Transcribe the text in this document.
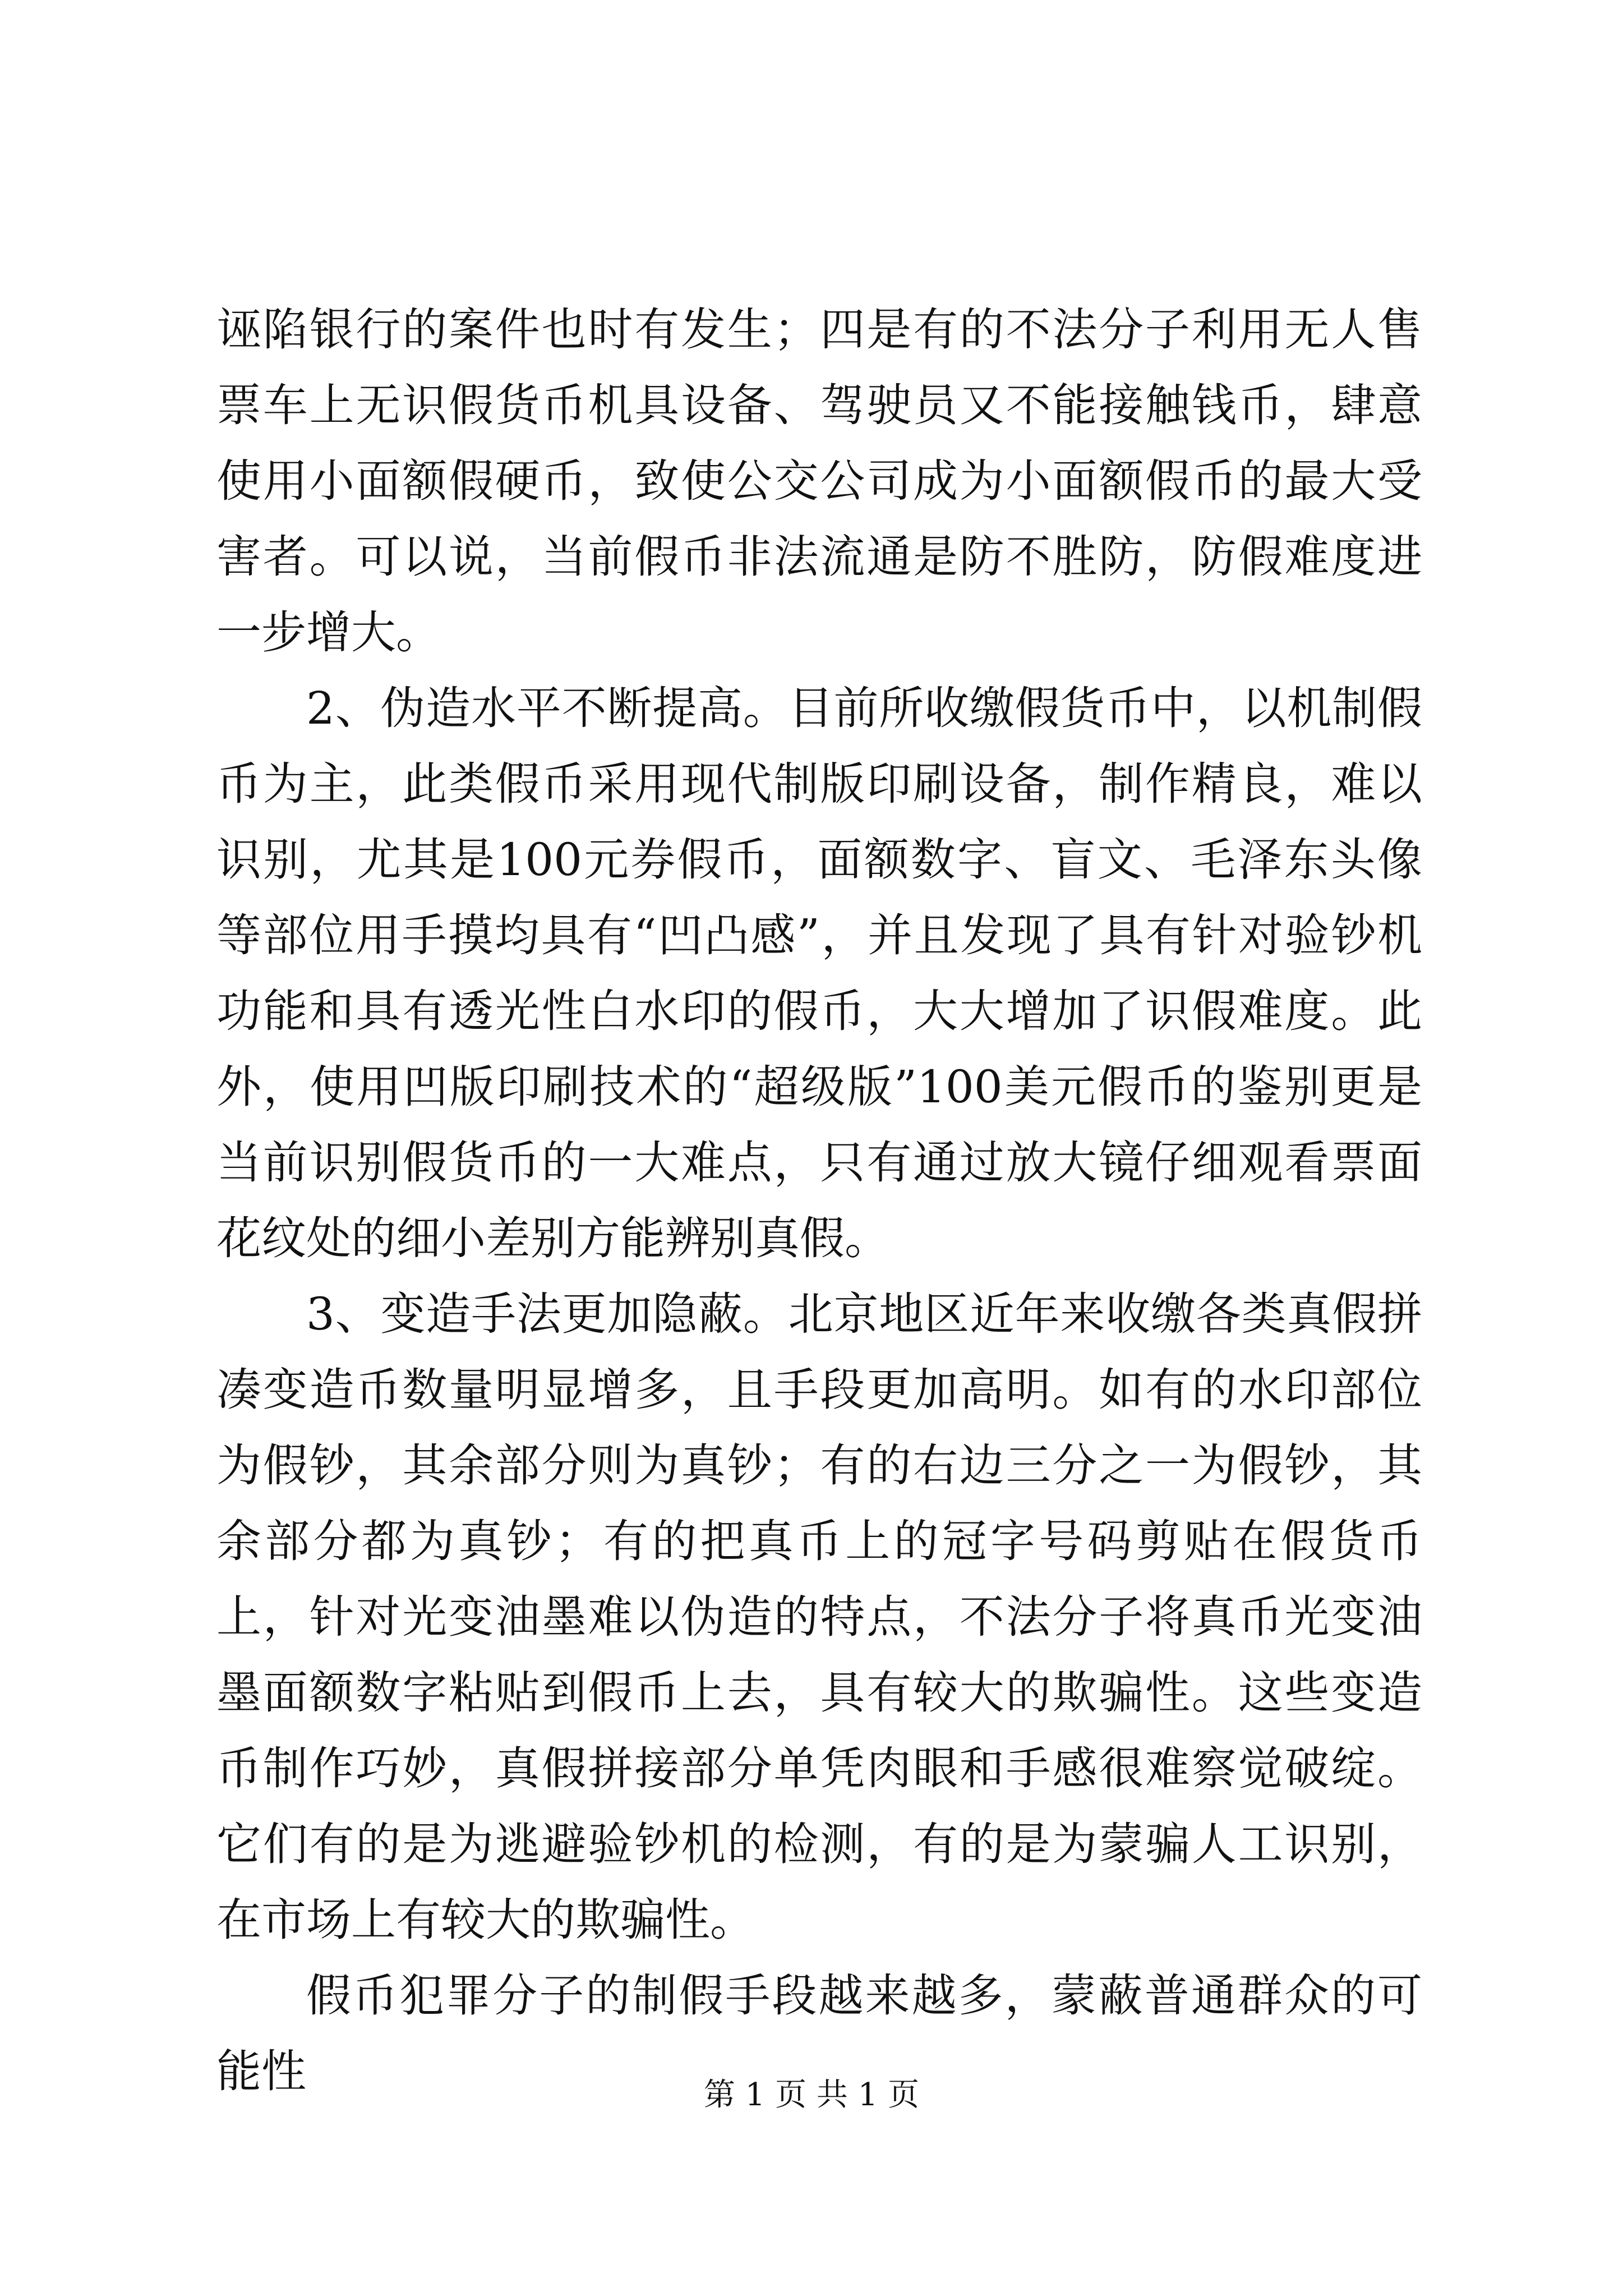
诬陷银行的案件也时有发生；四是有的不法分子利用无人售票车上无识假货币机具设备、驾驶员又不能接触钱币，肆意使用小面额假硬币，致使公交公司成为小面额假币的最大受害者。可以说，当前假币非法流通是防不胜防，防假难度进一步增大。

2、伪造水平不断提高。目前所收缴假货币中，以机制假币为主，此类假币采用现代制版印刷设备，制作精良，难以识别，尤其是100元券假币，面额数字、盲文、毛泽东头像等部位用手摸均具有“凹凸感”，并且发现了具有针对验钞机功能和具有透光性白水印的假币，大大增加了识假难度。此外，使用凹版印刷技术的“超级版”100美元假币的鉴别更是当前识别假货币的一大难点，只有通过放大镜仔细观看票面花纹处的细小差别方能辨别真假。

3、变造手法更加隐蔽。北京地区近年来收缴各类真假拼凑变造币数量明显增多，且手段更加高明。如有的水印部位为假钞，其余部分则为真钞；有的右边三分之一为假钞，其余部分都为真钞；有的把真币上的冠字号码剪贴在假货币上，针对光变油墨难以伪造的特点，不法分子将真币光变油墨面额数字粘贴到假币上去，具有较大的欺骗性。这些变造币制作巧妙，真假拼接部分单凭肉眼和手感很难察觉破绽。它们有的是为逃避验钞机的检测，有的是为蒙骗人工识别，在市场上有较大的欺骗性。

假币犯罪分子的制假手段越来越多，蒙蔽普通群众的可能性	第 1 页 共 1 页
